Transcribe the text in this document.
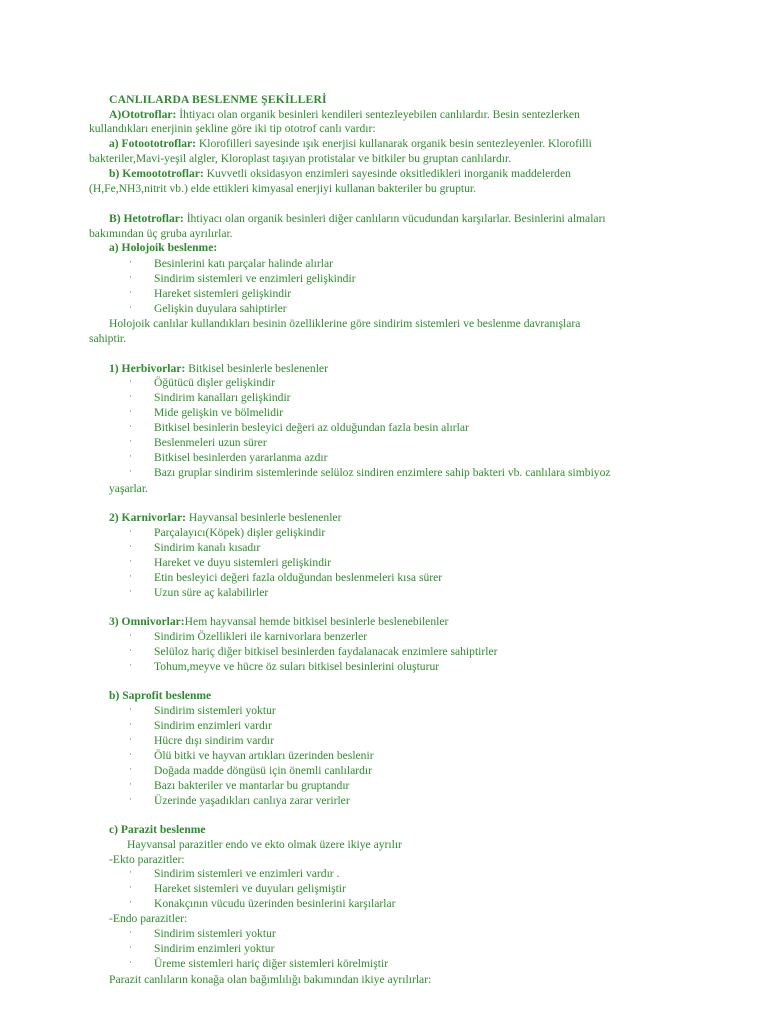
CANLILARDA BESLENME ŞEKİLLERİ
A)Ototroflar: İhtiyacı olan organik besinleri kendileri sentezleyebilen canlılardır. Besin sentezlerken
kullandıkları enerjinin şekline göre iki tip ototrof canlı vardır:
a) Fotoototroflar: Klorofilleri sayesinde ışık enerjisi kullanarak organik besin sentezleyenler. Klorofilli
bakteriler,Mavi-yeşil algler, Kloroplast taşıyan protistalar ve bitkiler bu gruptan canlılardır.
b) Kemoototroflar: Kuvvetli oksidasyon enzimleri sayesinde oksitledikleri inorganik maddelerden
(H,Fe,NH3,nitrit vb.) elde ettikleri kimyasal enerjiyi kullanan bakteriler bu gruptur.
B) Hetotroflar: İhtiyacı olan organik besinleri diğer canlıların vücudundan karşılarlar. Besinlerini almaları
bakımından üç gruba ayrılırlar.
a) Holojoik beslenme:
· Besinlerini katı parçalar halinde alırlar
· Sindirim sistemleri ve enzimleri gelişkindir
· Hareket sistemleri gelişkindir
· Gelişkin duyulara sahiptirler
Holojoik canlılar kullandıkları besinin özelliklerine göre sindirim sistemleri ve beslenme davranışlara
sahiptir.
1) Herbivorlar: Bitkisel besinlerle beslenenler
· Öğütücü dişler gelişkindir
· Sindirim kanalları gelişkindir
· Mide gelişkin ve bölmelidir
· Bitkisel besinlerin besleyici değeri az olduğundan fazla besin alırlar
· Beslenmeleri uzun sürer
· Bitkisel besinlerden yararlanma azdır
· Bazı gruplar sindirim sistemlerinde selüloz sindiren enzimlere sahip bakteri vb. canlılara simbiyoz
yaşarlar.
2) Karnivorlar: Hayvansal besinlerle beslenenler
· Parçalayıcı(Köpek) dişler gelişkindir
· Sindirim kanalı kısadır
· Hareket ve duyu sistemleri gelişkindir
· Etin besleyici değeri fazla olduğundan beslenmeleri kısa sürer
· Uzun süre aç kalabilirler
3) Omnivorlar:Hem hayvansal hemde bitkisel besinlerle beslenebilenler
· Sindirim Özellikleri ile karnivorlara benzerler
· Selüloz hariç diğer bitkisel besinlerden faydalanacak enzimlere sahiptirler
· Tohum,meyve ve hücre öz suları bitkisel besinlerini oluşturur
b) Saprofit beslenme
· Sindirim sistemleri yoktur
· Sindirim enzimleri vardır
· Hücre dışı sindirim vardır
· Ölü bitki ve hayvan artıkları üzerinden beslenir
· Doğada madde döngüsü için önemli canlılardır
· Bazı bakteriler ve mantarlar bu gruptandır
· Üzerinde yaşadıkları canlıya zarar verirler
c) Parazit beslenme
Hayvansal parazitler endo ve ekto olmak üzere ikiye ayrılır
-Ekto parazitler:
· Sindirim sistemleri ve enzimleri vardır .
· Hareket sistemleri ve duyuları gelişmiştir
· Konakçının vücudu üzerinden besinlerini karşılarlar
-Endo parazitler:
· Sindirim sistemleri yoktur
· Sindirim enzimleri yoktur
· Üreme sistemleri hariç diğer sistemleri körelmiştir
Parazit canlıların konağa olan bağımlılığı bakımından ikiye ayrılırlar:
